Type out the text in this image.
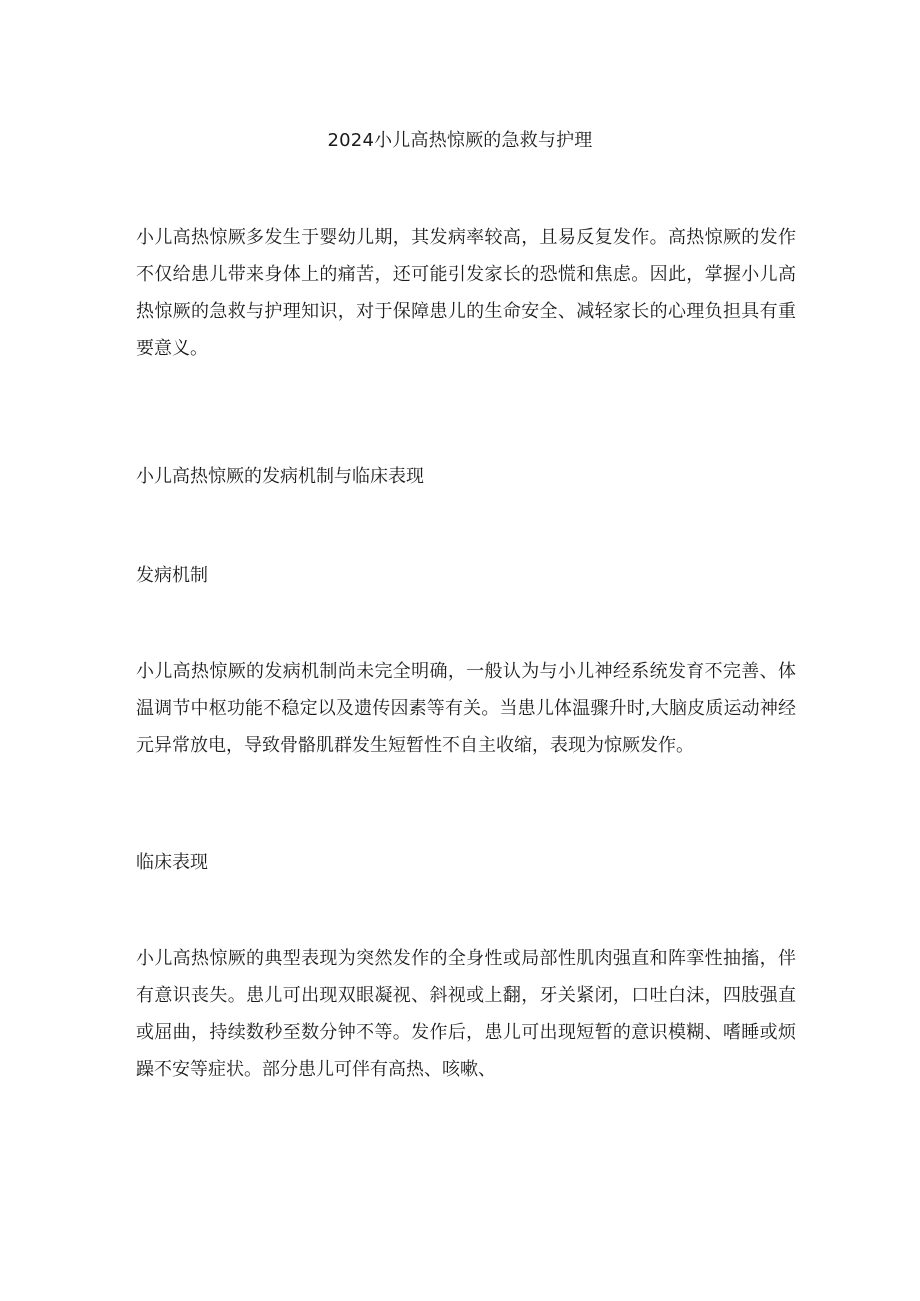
2024小儿高热惊厥的急救与护理

小儿高热惊厥多发生于婴幼儿期，其发病率较高，且易反复发作。高热惊厥的发作不仅给患儿带来身体上的痛苦，还可能引发家长的恐慌和焦虑。因此，掌握小儿高热惊厥的急救与护理知识，对于保障患儿的生命安全、减轻家长的心理负担具有重要意义。

小儿高热惊厥的发病机制与临床表现

发病机制

小儿高热惊厥的发病机制尚未完全明确，一般认为与小儿神经系统发育不完善、体温调节中枢功能不稳定以及遗传因素等有关。当患儿体温骤升时,大脑皮质运动神经元异常放电，导致骨骼肌群发生短暂性不自主收缩，表现为惊厥发作。

临床表现

小儿高热惊厥的典型表现为突然发作的全身性或局部性肌肉强直和阵挛性抽搐，伴有意识丧失。患儿可出现双眼凝视、斜视或上翻，牙关紧闭，口吐白沫，四肢强直或屈曲，持续数秒至数分钟不等。发作后，患儿可出现短暂的意识模糊、嗜睡或烦躁不安等症状。部分患儿可伴有高热、咳嗽、
